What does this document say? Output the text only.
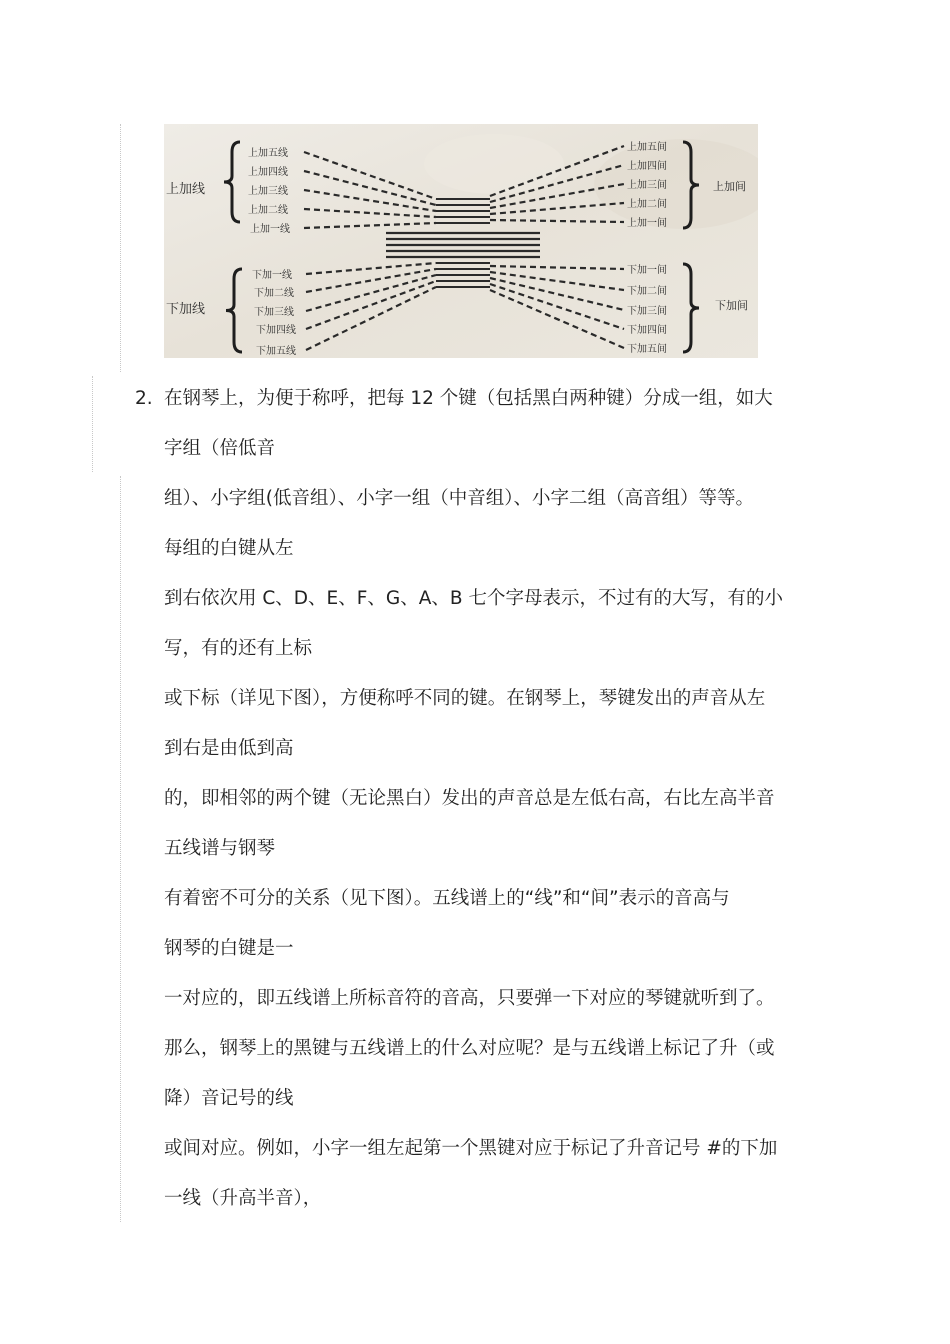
上加线
下加线
上加间
下加间
上加五线
上加四线
上加三线
上加二线
上加一线
下加一线
下加二线
下加三线
下加四线
下加五线
上加五间
上加四间
上加三间
上加二间
上加一间
下加一间
下加二间
下加三间
下加四间
下加五间
2. 在钢琴上，为便于称呼，把每 12 个键（包括黑白两种键）分成一组，如大
字组（倍低音
组）、小字组(低音组）、小字一组（中音组）、小字二组（高音组）等等。
每组的白键从左
到右依次用 C、D、E、F、G、A、B 七个字母表示，不过有的大写，有的小
写，有的还有上标
或下标（详见下图），方便称呼不同的键。在钢琴上，琴键发出的声音从左
到右是由低到高
的，即相邻的两个键（无论黑白）发出的声音总是左低右高，右比左高半音
五线谱与钢琴
有着密不可分的关系（见下图）。五线谱上的“线”和“间”表示的音高与
钢琴的白键是一
一对应的，即五线谱上所标音符的音高，只要弹一下对应的琴键就听到了。
那么，钢琴上的黑键与五线谱上的什么对应呢？是与五线谱上标记了升（或
降）音记号的线
或间对应。例如，小字一组左起第一个黑键对应于标记了升音记号 #的下加
一线（升高半音），
